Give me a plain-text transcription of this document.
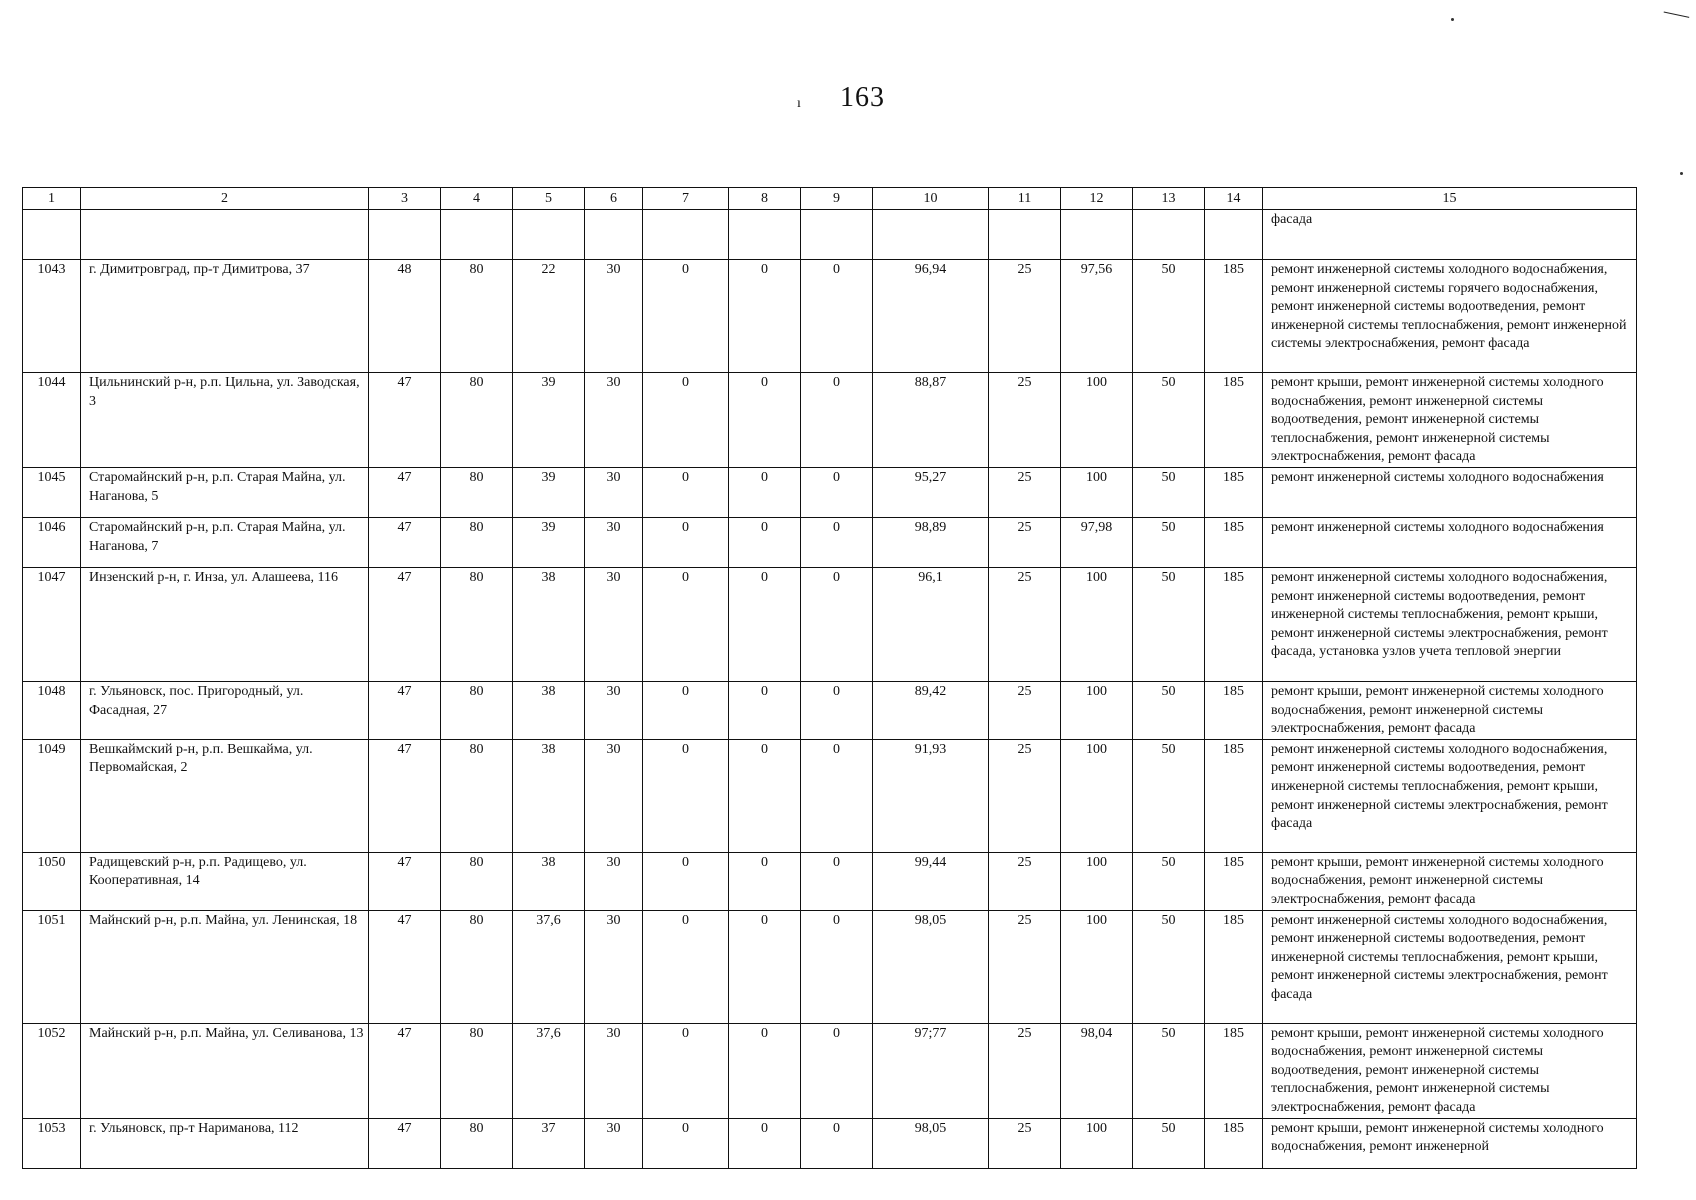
163
ı
1	2	3	4	5	6	7	8	9	10	11	12	13	14	15
														фасада
1043	г. Димитровград, пр-т Димитрова, 37	48	80	22	30	0	0	0	96,94	25	97,56	50	185	ремонт инженерной системы холодного водоснабжения, ремонт инженерной системы горячего водоснабжения, ремонт инженерной системы водоотведения, ремонт инженерной системы теплоснабжения, ремонт инженерной системы электроснабжения, ремонт фасада
1044	Цильнинский р-н, р.п. Цильна, ул. Заводская, 3	47	80	39	30	0	0	0	88,87	25	100	50	185	ремонт крыши, ремонт инженерной системы холодного водоснабжения, ремонт инженерной системы водоотведения, ремонт инженерной системы теплоснабжения, ремонт инженерной системы электроснабжения, ремонт фасада
1045	Старомайнский р-н, р.п. Старая Майна, ул. Наганова, 5	47	80	39	30	0	0	0	95,27	25	100	50	185	ремонт инженерной системы холодного водоснабжения
1046	Старомайнский р-н, р.п. Старая Майна, ул. Наганова, 7	47	80	39	30	0	0	0	98,89	25	97,98	50	185	ремонт инженерной системы холодного водоснабжения
1047	Инзенский р-н, г. Инза, ул. Алашеева, 116	47	80	38	30	0	0	0	96,1	25	100	50	185	ремонт инженерной системы холодного водоснабжения, ремонт инженерной системы водоотведения, ремонт инженерной системы теплоснабжения, ремонт крыши, ремонт инженерной системы электроснабжения, ремонт фасада, установка узлов учета тепловой энергии
1048	г. Ульяновск, пос. Пригородный, ул. Фасадная, 27	47	80	38	30	0	0	0	89,42	25	100	50	185	ремонт крыши, ремонт инженерной системы холодного водоснабжения, ремонт инженерной системы электроснабжения, ремонт фасада
1049	Вешкаймский р-н, р.п. Вешкайма, ул. Первомайская, 2	47	80	38	30	0	0	0	91,93	25	100	50	185	ремонт инженерной системы холодного водоснабжения, ремонт инженерной системы водоотведения, ремонт инженерной системы теплоснабжения, ремонт крыши, ремонт инженерной системы электроснабжения, ремонт фасада
1050	Радищевский р-н, р.п. Радищево, ул. Кооперативная, 14	47	80	38	30	0	0	0	99,44	25	100	50	185	ремонт крыши, ремонт инженерной системы холодного водоснабжения, ремонт инженерной системы электроснабжения, ремонт фасада
1051	Майнский р-н, р.п. Майна, ул. Ленинская, 18	47	80	37,6	30	0	0	0	98,05	25	100	50	185	ремонт инженерной системы холодного водоснабжения, ремонт инженерной системы водоотведения, ремонт инженерной системы теплоснабжения, ремонт крыши, ремонт инженерной системы электроснабжения, ремонт фасада
1052	Майнский р-н, р.п. Майна, ул. Селиванова, 13	47	80	37,6	30	0	0	0	97;77	25	98,04	50	185	ремонт крыши, ремонт инженерной системы холодного водоснабжения, ремонт инженерной системы водоотведения, ремонт инженерной системы теплоснабжения, ремонт инженерной системы электроснабжения, ремонт фасада
1053	г. Ульяновск, пр-т Нариманова, 112	47	80	37	30	0	0	0	98,05	25	100	50	185	ремонт крыши, ремонт инженерной системы холодного водоснабжения, ремонт инженерной
